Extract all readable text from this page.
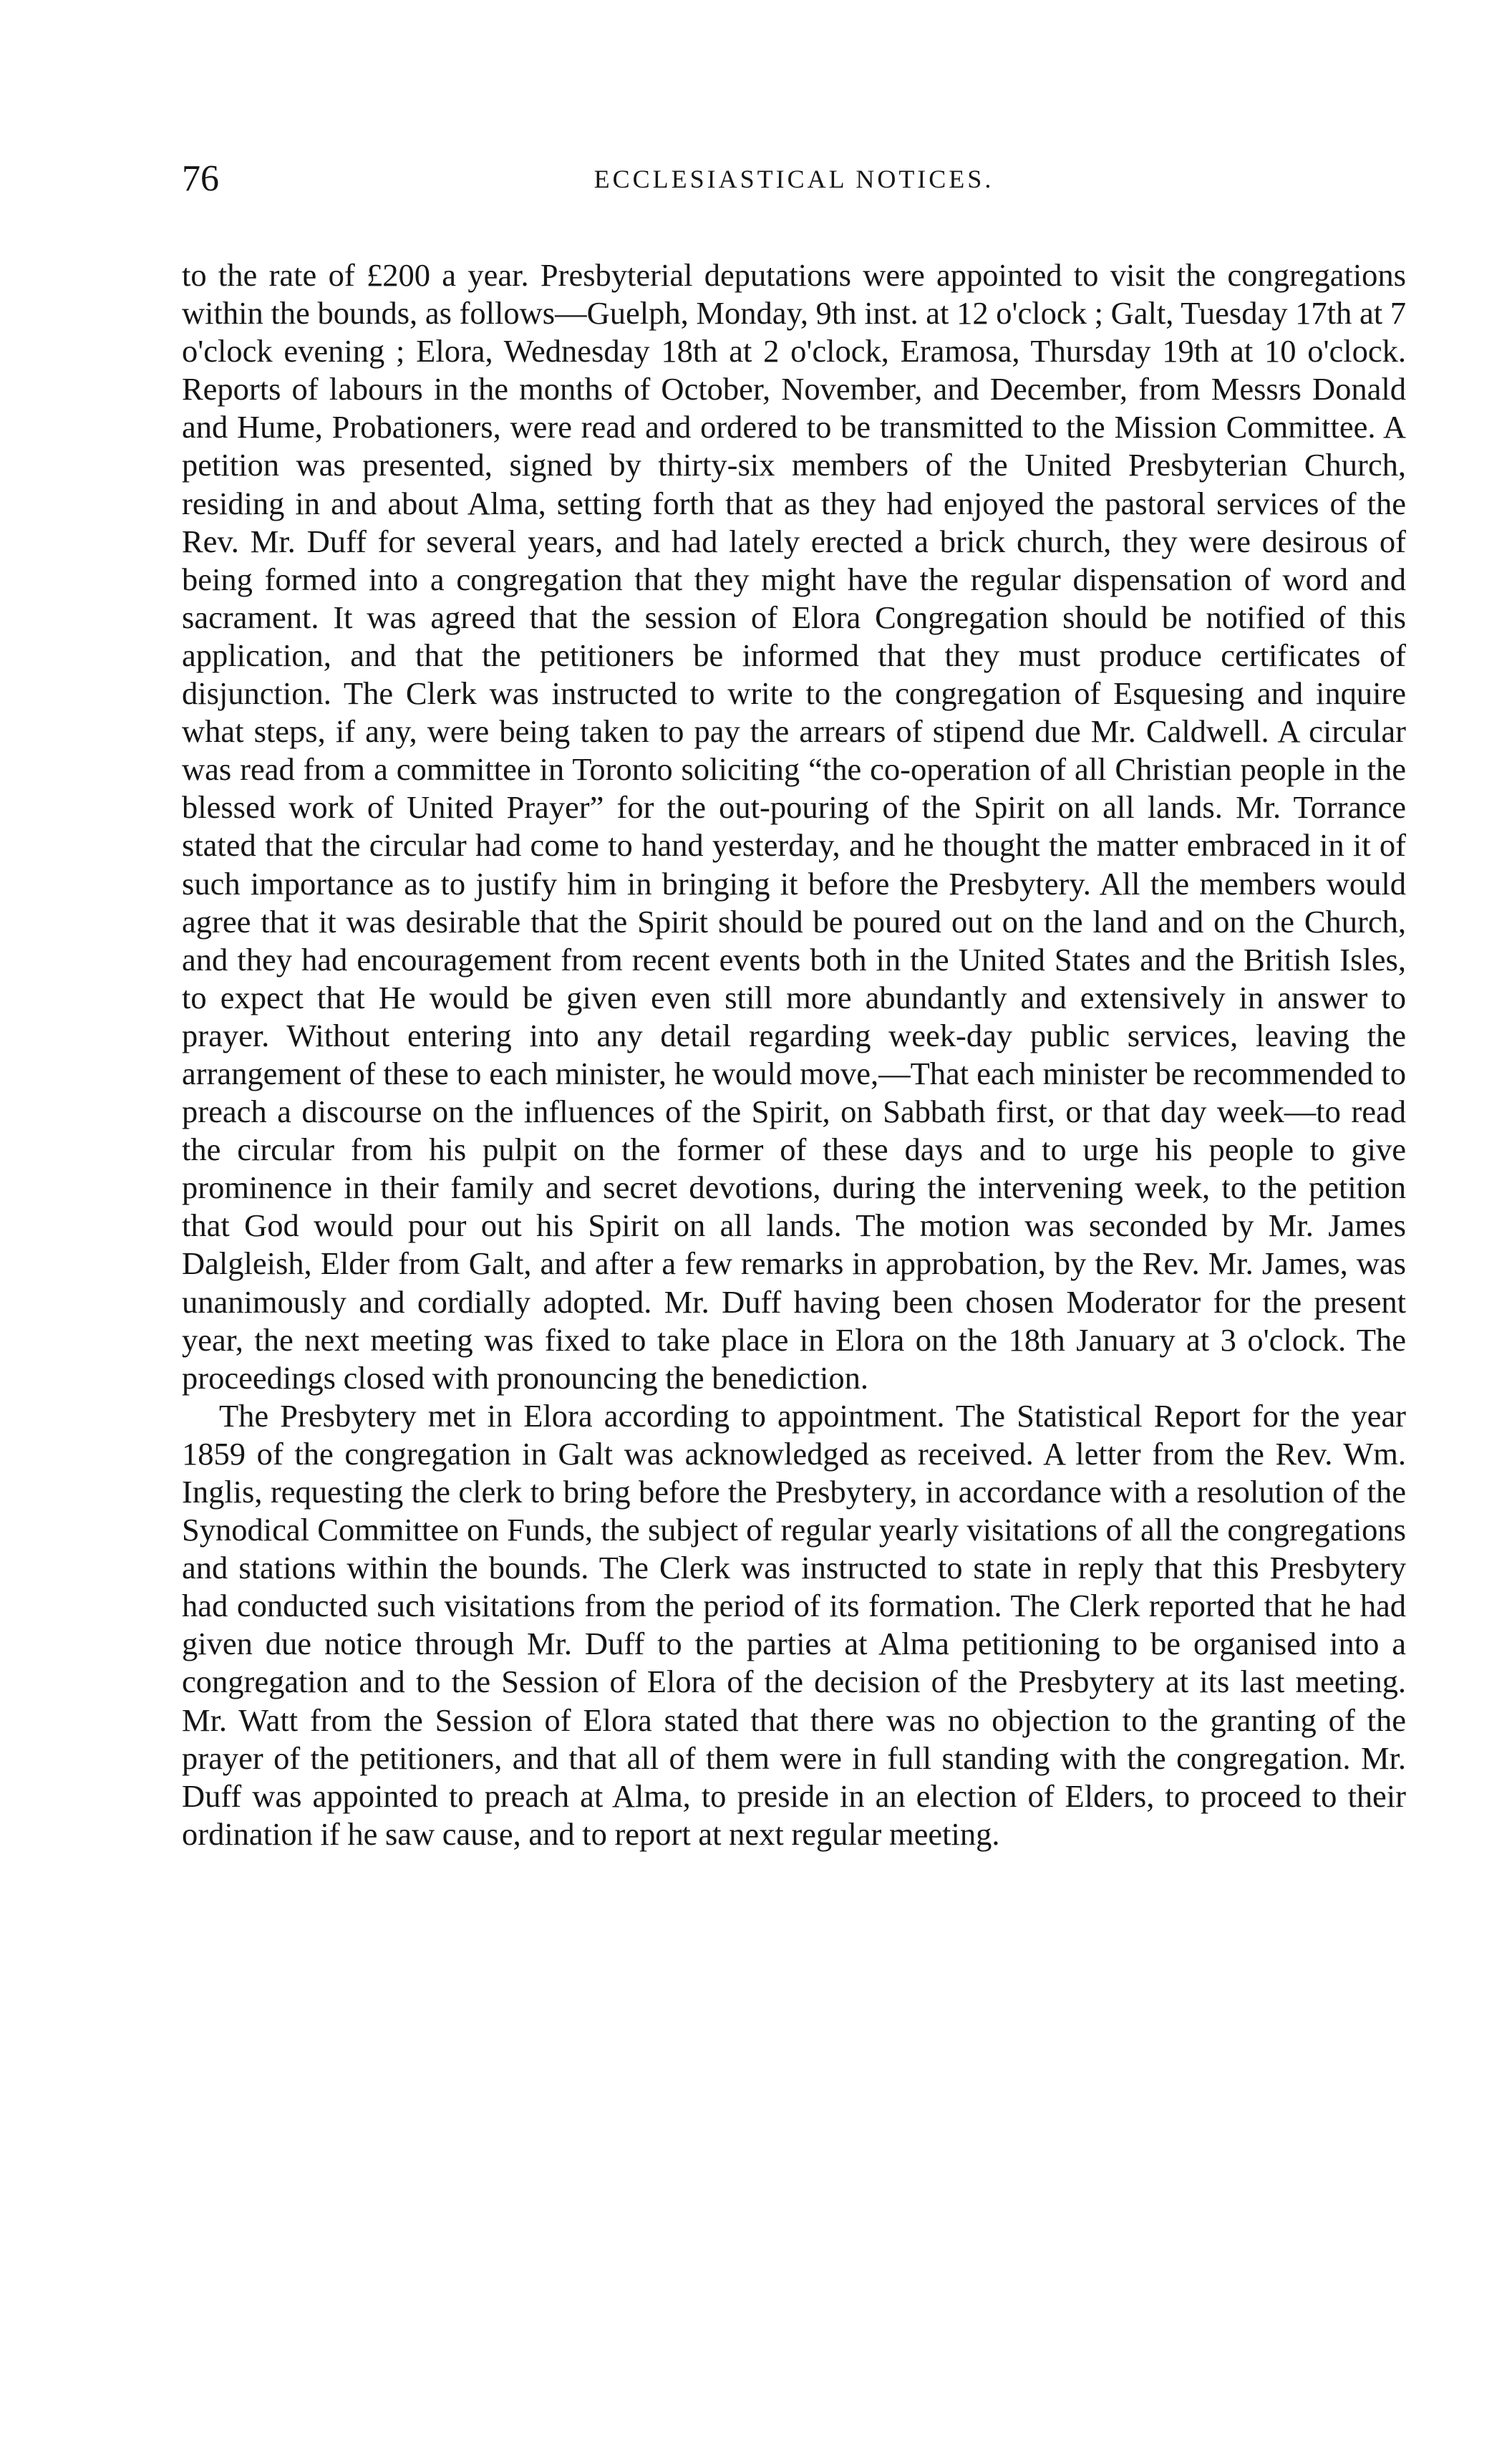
76	ECCLESIASTICAL NOTICES.

to the rate of £200 a year. Presbyterial deputations were appointed to visit the congregations within the bounds, as follows—Guelph, Monday, 9th inst. at 12 o'clock ; Galt, Tuesday 17th at 7 o'clock evening ; Elora, Wednesday 18th at 2 o'clock, Eramosa, Thursday 19th at 10 o'clock. Reports of labours in the months of October, November, and December, from Messrs Donald and Hume, Probationers, were read and ordered to be transmitted to the Mission Committee. A petition was presented, signed by thirty-six members of the United Presbyterian Church, residing in and about Alma, setting forth that as they had enjoyed the pastoral services of the Rev. Mr. Duff for several years, and had lately erected a brick church, they were desirous of being formed into a congregation that they might have the regular dispensation of word and sacrament. It was agreed that the session of Elora Congregation should be notified of this application, and that the petitioners be informed that they must produce certificates of disjunction. The Clerk was instructed to write to the congregation of Esquesing and inquire what steps, if any, were being taken to pay the arrears of stipend due Mr. Caldwell. A circular was read from a committee in Toronto soliciting “the co-operation of all Christian people in the blessed work of United Prayer” for the out-pouring of the Spirit on all lands. Mr. Torrance stated that the circular had come to hand yesterday, and he thought the matter embraced in it of such importance as to justify him in bringing it before the Presbytery. All the members would agree that it was desirable that the Spirit should be poured out on the land and on the Church, and they had encouragement from recent events both in the United States and the British Isles, to expect that He would be given even still more abundantly and extensively in answer to prayer. Without entering into any detail regarding week-day public services, leaving the arrangement of these to each minister, he would move,—That each minister be recommended to preach a discourse on the influences of the Spirit, on Sabbath first, or that day week—to read the circular from his pulpit on the former of these days and to urge his people to give prominence in their family and secret devotions, during the intervening week, to the petition that God would pour out his Spirit on all lands. The motion was seconded by Mr. James Dalgleish, Elder from Galt, and after a few remarks in approbation, by the Rev. Mr. James, was unanimously and cordially adopted. Mr. Duff having been chosen Moderator for the present year, the next meeting was fixed to take place in Elora on the 18th January at 3 o'clock. The proceedings closed with pronouncing the benediction.

The Presbytery met in Elora according to appointment. The Statistical Report for the year 1859 of the congregation in Galt was acknowledged as received. A letter from the Rev. Wm. Inglis, requesting the clerk to bring before the Presbytery, in accordance with a resolution of the Synodical Committee on Funds, the subject of regular yearly visitations of all the congregations and stations within the bounds. The Clerk was instructed to state in reply that this Presbytery had conducted such visitations from the period of its formation. The Clerk reported that he had given due notice through Mr. Duff to the parties at Alma petitioning to be organised into a congregation and to the Session of Elora of the decision of the Presbytery at its last meeting. Mr. Watt from the Session of Elora stated that there was no objection to the granting of the prayer of the petitioners, and that all of them were in full standing with the congregation. Mr. Duff was appointed to preach at Alma, to preside in an election of Elders, to proceed to their ordination if he saw cause, and to report at next regular meeting.
